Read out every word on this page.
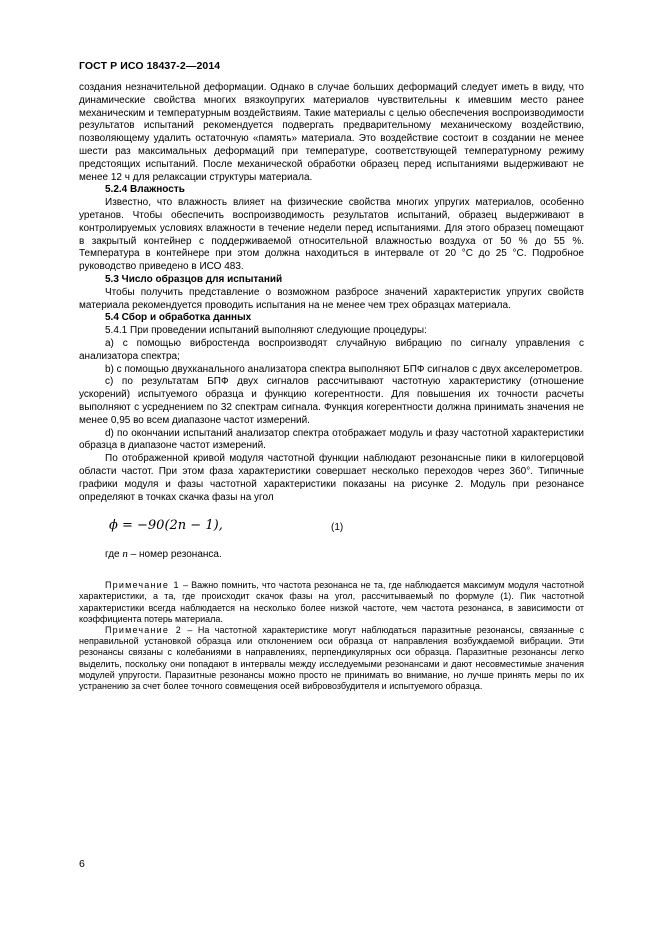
ГОСТ Р ИСО 18437-2—2014

создания незначительной деформации. Однако в случае больших деформаций следует иметь в виду, что динамические свойства многих вязкоупругих материалов чувствительны к имевшим место ранее механическим и температурным воздействиям. Такие материалы с целью обеспечения воспроизводимости результатов испытаний рекомендуется подвергать предварительному механическому воздействию, позволяющему удалить остаточную «память» материала. Это воздействие состоит в создании не менее шести раз максимальных деформаций при температуре, соответствующей температурному режиму предстоящих испытаний. После механической обработки образец перед испытаниями выдерживают не менее 12 ч для релаксации структуры материала.

5.2.4 Влажность

Известно, что влажность влияет на физические свойства многих упругих материалов, особенно уретанов. Чтобы обеспечить воспроизводимость результатов испытаний, образец выдерживают в контролируемых условиях влажности в течение недели перед испытаниями. Для этого образец помещают в закрытый контейнер с поддерживаемой относительной влажностью воздуха от 50 % до 55 %. Температура в контейнере при этом должна находиться в интервале от 20 °С до 25 °С. Подробное руководство приведено в ИСО 483.

5.3 Число образцов для испытаний

Чтобы получить представление о возможном разбросе значений характеристик упругих свойств материала рекомендуется проводить испытания на не менее чем трех образцах материала.

5.4 Сбор и обработка данных

5.4.1 При проведении испытаний выполняют следующие процедуры:

a) с помощью вибростенда воспроизводят случайную вибрацию по сигналу управления с анализатора спектра;

b) с помощью двухканального анализатора спектра выполняют БПФ сигналов с двух акселерометров.

c) по результатам БПФ двух сигналов рассчитывают частотную характеристику (отношение ускорений) испытуемого образца и функцию когерентности. Для повышения их точности расчеты выполняют с усреднением по 32 спектрам сигнала. Функция когерентности должна принимать значения не менее 0,95 во всем диапазоне частот измерений.

d) по окончании испытаний анализатор спектра отображает модуль и фазу частотной характеристики образца в диапазоне частот измерений.

По отображенной кривой модуля частотной функции наблюдают резонансные пики в килогерцовой области частот. При этом фаза характеристики совершает несколько переходов через 360°. Типичные графики модуля и фазы частотной характеристики показаны на рисунке 2. Модуль при резонансе определяют в точках скачка фазы на угол

ϕ = −90(2n − 1),	(1)

где n – номер резонанса.

Примечание 1 – Важно помнить, что частота резонанса не та, где наблюдается максимум модуля частотной характеристики, а та, где происходит скачок фазы на угол, рассчитываемый по формуле (1). Пик частотной характеристики всегда наблюдается на несколько более низкой частоте, чем частота резонанса, в зависимости от коэффициента потерь материала.

Примечание 2 – На частотной характеристике могут наблюдаться паразитные резонансы, связанные с неправильной установкой образца или отклонением оси образца от направления возбуждаемой вибрации. Эти резонансы связаны с колебаниями в направлениях, перпендикулярных оси образца. Паразитные резонансы легко выделить, поскольку они попадают в интервалы между исследуемыми резонансами и дают несовместимые значения модулей упругости. Паразитные резонансы можно просто не принимать во внимание, но лучше принять меры по их устранению за счет более точного совмещения осей вибровозбудителя и испытуемого образца.

6
